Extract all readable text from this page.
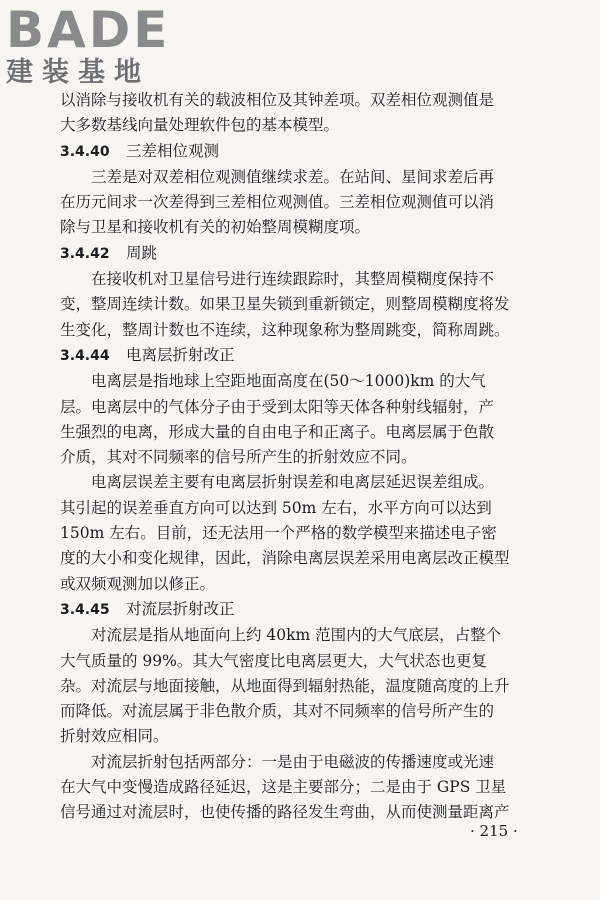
BADE
建装基地

以消除与接收机有关的载波相位及其钟差项。双差相位观测值是

大多数基线向量处理软件包的基本模型。

3.4.40 三差相位观测

三差是对双差相位观测值继续求差。在站间、星间求差后再

在历元间求一次差得到三差相位观测值。三差相位观测值可以消

除与卫星和接收机有关的初始整周模糊度项。

3.4.42 周跳

在接收机对卫星信号进行连续跟踪时，其整周模糊度保持不

变，整周连续计数。如果卫星失锁到重新锁定，则整周模糊度将发

生变化，整周计数也不连续，这种现象称为整周跳变，简称周跳。

3.4.44 电离层折射改正

电离层是指地球上空距地面高度在(50～1000)km 的大气

层。电离层中的气体分子由于受到太阳等天体各种射线辐射，产

生强烈的电离，形成大量的自由电子和正离子。电离层属于色散

介质，其对不同频率的信号所产生的折射效应不同。

电离层误差主要有电离层折射误差和电离层延迟误差组成。

其引起的误差垂直方向可以达到 50m 左右，水平方向可以达到

150m 左右。目前，还无法用一个严格的数学模型来描述电子密

度的大小和变化规律，因此，消除电离层误差采用电离层改正模型

或双频观测加以修正。

3.4.45 对流层折射改正

对流层是指从地面向上约 40km 范围内的大气底层，占整个

大气质量的 99%。其大气密度比电离层更大，大气状态也更复

杂。对流层与地面接触，从地面得到辐射热能，温度随高度的上升

而降低。对流层属于非色散介质，其对不同频率的信号所产生的

折射效应相同。

对流层折射包括两部分：一是由于电磁波的传播速度或光速

在大气中变慢造成路径延迟，这是主要部分；二是由于 GPS 卫星

信号通过对流层时，也使传播的路径发生弯曲，从而使测量距离产

· 215 ·
